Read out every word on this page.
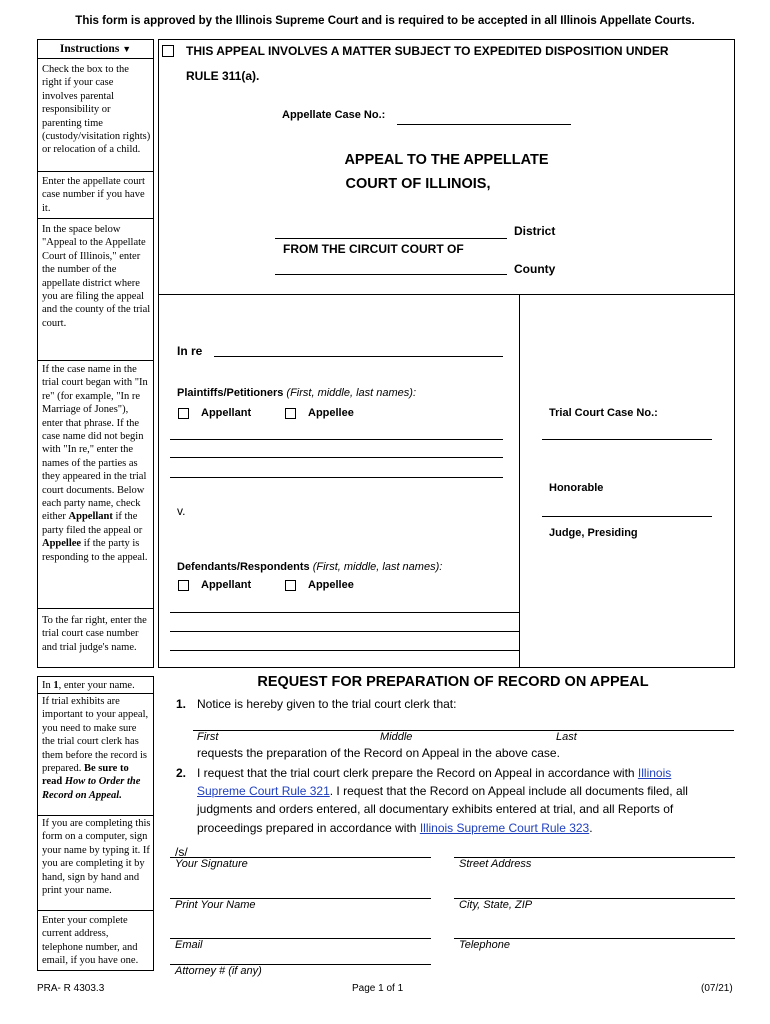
This form is approved by the Illinois Supreme Court and is required to be accepted in all Illinois Appellate Courts.
Instructions ▼
Check the box to the right if your case involves parental responsibility or parenting time (custody/visitation rights) or relocation of a child.
Enter the appellate court case number if you have it.
In the space below "Appeal to the Appellate Court of Illinois," enter the number of the appellate district where you are filing the appeal and the county of the trial court.
If the case name in the trial court began with "In re" (for example, "In re Marriage of Jones"), enter that phrase. If the case name did not begin with "In re," enter the names of the parties as they appeared in the trial court documents. Below each party name, check either Appellant if the party filed the appeal or Appellee if the party is responding to the appeal.
To the far right, enter the trial court case number and trial judge's name.
In 1, enter your name.
If trial exhibits are important to your appeal, you need to make sure the trial court clerk has them before the record is prepared. Be sure to read How to Order the Record on Appeal.
If you are completing this form on a computer, sign your name by typing it. If you are completing it by hand, sign by hand and print your name.
Enter your complete current address, telephone number, and email, if you have one.
THIS APPEAL INVOLVES A MATTER SUBJECT TO EXPEDITED DISPOSITION UNDER
RULE 311(a).
Appellate Case No.:
APPEAL TO THE APPELLATE
COURT OF ILLINOIS,
District
FROM THE CIRCUIT COURT OF
County
In re
Plaintiffs/Petitioners (First, middle, last names):
Appellant	Appellee
v.
Defendants/Respondents (First, middle, last names):
Appellant	Appellee
Trial Court Case No.:
Honorable
Judge, Presiding
REQUEST FOR PREPARATION OF RECORD ON APPEAL
1. Notice is hereby given to the trial court clerk that:
First	Middle	Last
requests the preparation of the Record on Appeal in the above case.
2. I request that the trial court clerk prepare the Record on Appeal in accordance with Illinois
Supreme Court Rule 321. I request that the Record on Appeal include all documents filed, all
judgments and orders entered, all documentary exhibits entered at trial, and all Reports of
proceedings prepared in accordance with Illinois Supreme Court Rule 323.
/s/
Your Signature	Street Address
Print Your Name	City, State, ZIP
Email	Telephone
Attorney # (if any)
PRA- R 4303.3	Page 1 of 1	(07/21)
